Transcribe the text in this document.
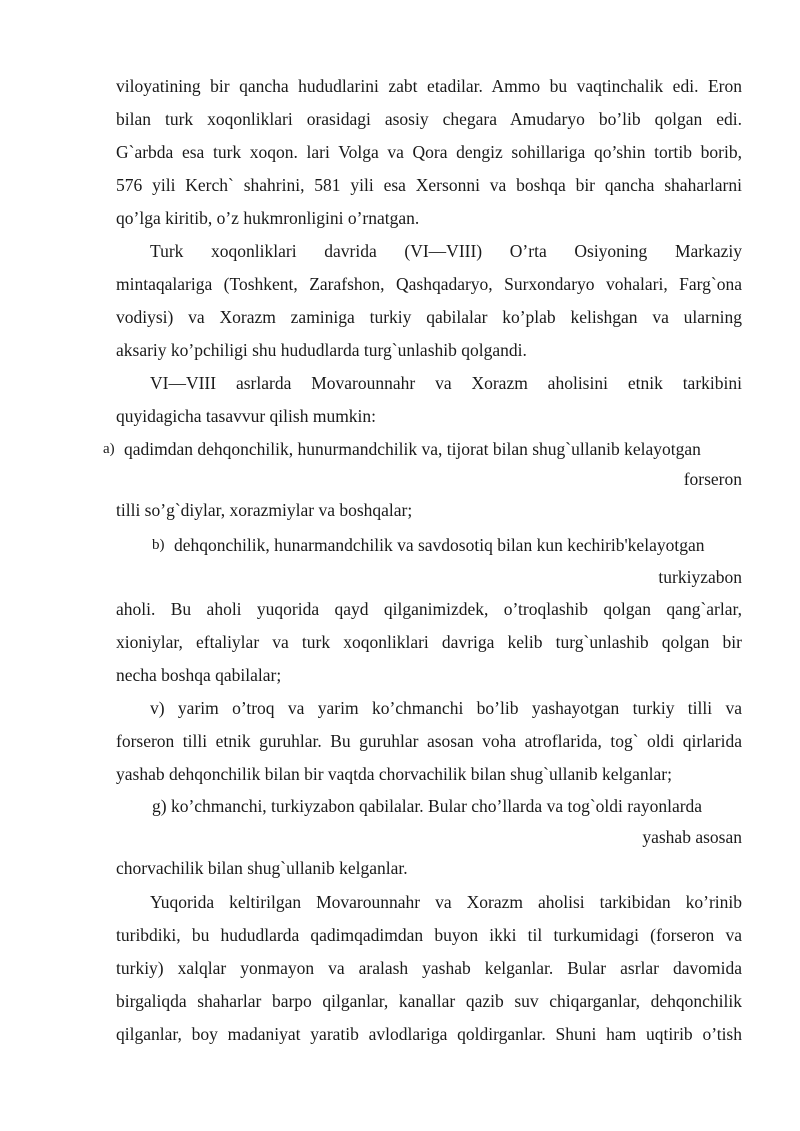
viloyatining bir qancha hududlarini zabt etadilar. Ammo bu vaqtinchalik edi. Eron
bilan turk xoqonliklari orasidagi asosiy chegara Amudaryo bo’lib qolgan edi.
G`arbda esa turk xoqon. lari Volga va Qora dengiz sohillariga qo’shin tortib borib,
576 yili Kerch` shahrini, 581 yili esa Xersonni va boshqa bir qancha shaharlarni
qo’lga kiritib, o’z hukmronligini o’rnatgan.
Turk xoqonliklari davrida (VI—VIII) O’rta Osiyoning Markaziy
mintaqalariga (Toshkent, Zarafshon, Qashqadaryo, Surxondaryo vohalari, Farg`ona
vodiysi) va Xorazm zaminiga turkiy qabilalar ko’plab kelishgan va ularning
aksariy ko’pchiligi shu hududlarda turg`unlashib qolgandi.
VI—VIII asrlarda Movarounnahr va Xorazm aholisini etnik tarkibini
quyidagicha tasavvur qilish mumkin:
a) qadimdan dehqonchilik, hunurmandchilik va, tijorat bilan shug`ullanib kelayotgan
forseron
tilli so’g`diylar, xorazmiylar va boshqalar;
b) dehqonchilik, hunarmandchilik va savdosotiq bilan kun kechirib'kelayotgan
turkiyzabon
aholi. Bu aholi yuqorida qayd qilganimizdek, o’troqlashib qolgan qang`arlar,
xioniylar, eftaliylar va turk xoqonliklari davriga kelib turg`unlashib qolgan bir
necha boshqa qabilalar;
v) yarim o’troq va yarim ko’chmanchi bo’lib yashayotgan turkiy tilli va
forseron tilli etnik guruhlar. Bu guruhlar asosan voha atroflarida, tog` oldi qirlarida
yashab dehqonchilik bilan bir vaqtda chorvachilik bilan shug`ullanib kelganlar;
g) ko’chmanchi, turkiyzabon qabilalar. Bular cho’llarda va tog`oldi rayonlarda
yashab asosan
chorvachilik bilan shug`ullanib kelganlar.
Yuqorida keltirilgan Movarounnahr va Xorazm aholisi tarkibidan ko’rinib
turibdiki, bu hududlarda qadimqadimdan buyon ikki til turkumidagi (forseron va
turkiy) xalqlar yonmayon va aralash yashab kelganlar. Bular asrlar davomida
birgaliqda shaharlar barpo qilganlar, kanallar qazib suv chiqarganlar, dehqonchilik
qilganlar, boy madaniyat yaratib avlodlariga qoldirganlar. Shuni ham uqtirib o’tish
